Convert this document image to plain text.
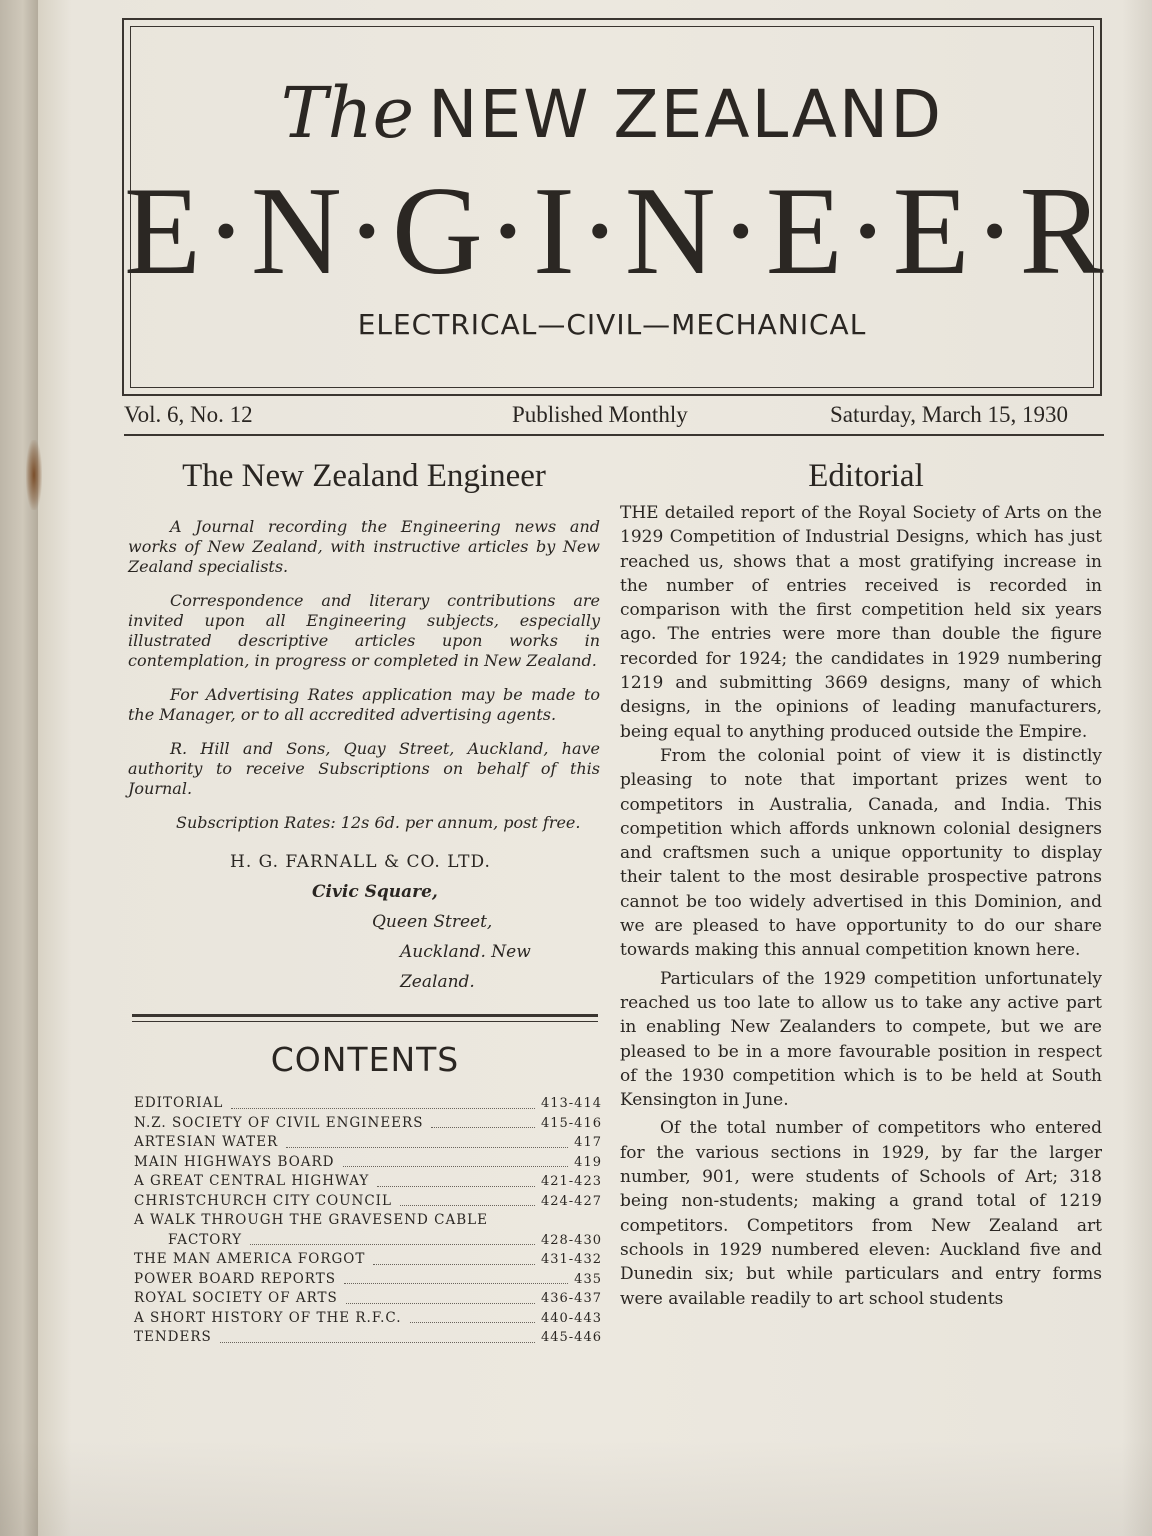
The NEW ZEALAND
E·N·G·I·N·E·E·R
ELECTRICAL—CIVIL—MECHANICAL
Vol. 6, No. 12	Published Monthly	Saturday, March 15, 1930
The New Zealand Engineer

A Journal recording the Engineering news and works of New Zealand, with instructive articles by New Zealand specialists.

Correspondence and literary contributions are invited upon all Engineering subjects, especially illustrated descriptive articles upon works in contemplation, in progress or completed in New Zealand.

For Advertising Rates application may be made to the Manager, or to all accredited advertising agents.

R. Hill and Sons, Quay Street, Auckland, have authority to receive Subscriptions on behalf of this Journal.

Subscription Rates: 12s 6d. per annum, post free.

H. G. FARNALL & CO. LTD.
Civic Square,
Queen Street,
Auckland. New Zealand.
CONTENTS
EDITORIAL	413-414
N.Z. SOCIETY OF CIVIL ENGINEERS	415-416
ARTESIAN WATER	417
MAIN HIGHWAYS BOARD	419
A GREAT CENTRAL HIGHWAY	421-423
CHRISTCHURCH CITY COUNCIL	424-427
A WALK THROUGH THE GRAVESEND CABLE
FACTORY	428-430
THE MAN AMERICA FORGOT	431-432
POWER BOARD REPORTS	435
ROYAL SOCIETY OF ARTS	436-437
A SHORT HISTORY OF THE R.F.C.	440-443
TENDERS	445-446
Editorial

THE detailed report of the Royal Society of Arts on the 1929 Competition of Industrial Designs, which has just reached us, shows that a most gratifying increase in the number of entries received is recorded in comparison with the first competition held six years ago. The entries were more than double the figure recorded for 1924; the candidates in 1929 numbering 1219 and submitting 3669 designs, many of which designs, in the opinions of leading manufacturers, being equal to anything produced outside the Empire.

From the colonial point of view it is distinctly pleasing to note that important prizes went to competitors in Australia, Canada, and India. This competition which affords unknown colonial designers and craftsmen such a unique opportunity to display their talent to the most desirable prospective patrons cannot be too widely advertised in this Dominion, and we are pleased to have opportunity to do our share towards making this annual competition known here.

Particulars of the 1929 competition unfortunately reached us too late to allow us to take any active part in enabling New Zealanders to compete, but we are pleased to be in a more favourable position in respect of the 1930 competition which is to be held at South Kensington in June.

Of the total number of competitors who entered for the various sections in 1929, by far the larger number, 901, were students of Schools of Art; 318 being non-students; making a grand total of 1219 competitors. Competitors from New Zealand art schools in 1929 numbered eleven: Auckland five and Dunedin six; but while particulars and entry forms were available readily to art school students
